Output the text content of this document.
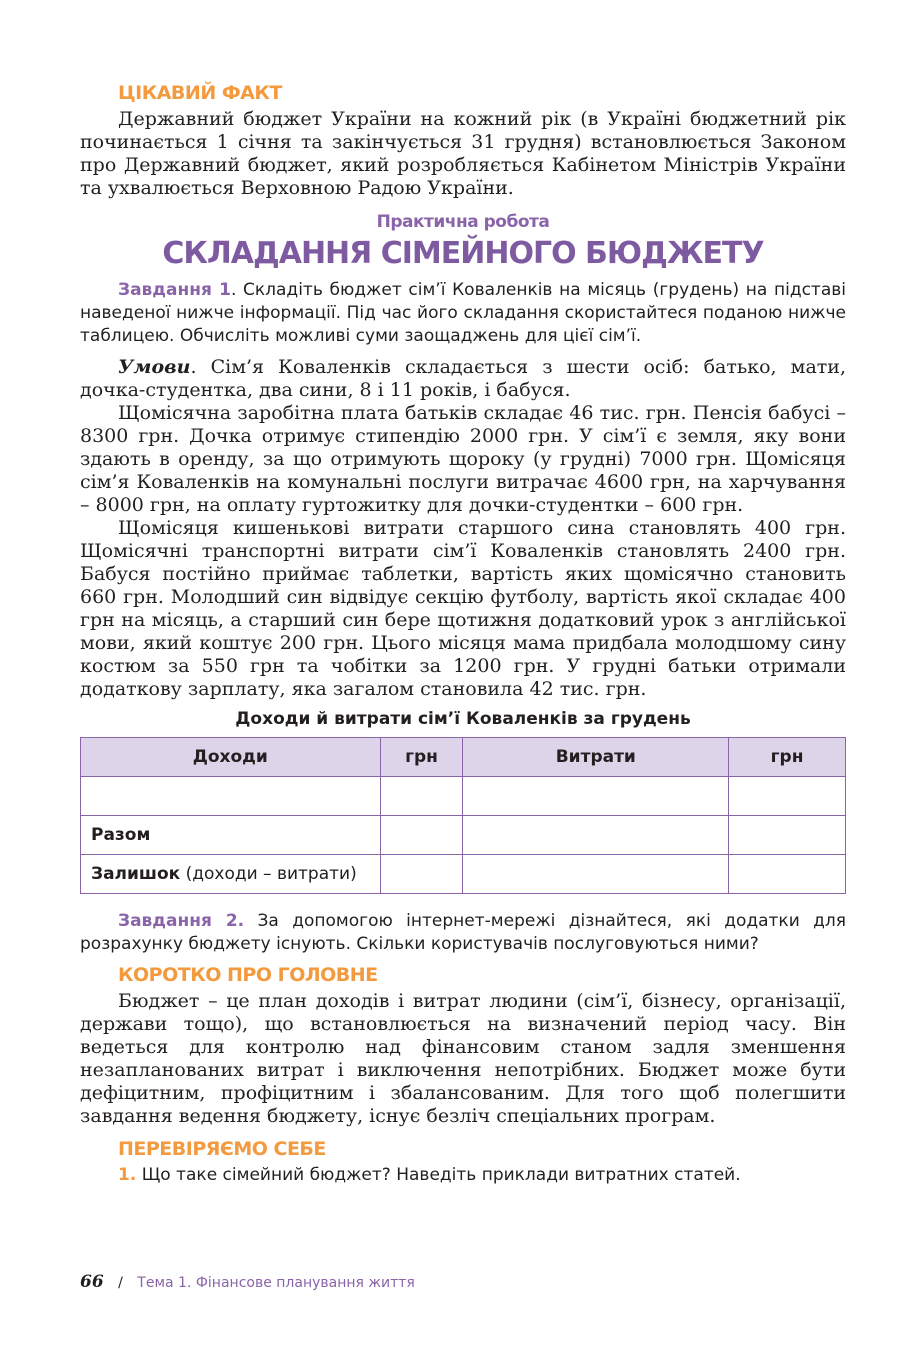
ЦІКАВИЙ ФАКТ

Державний бюджет України на кожний рік (в Україні бюджетний рік починається 1 січня та закінчується 31 грудня) встановлюється Законом про Державний бюджет, який розробляється Кабінетом Міністрів України та ухвалюється Верховною Радою України.

Практична робота
СКЛАДАННЯ СІМЕЙНОГО БЮДЖЕТУ

Завдання 1. Складіть бюджет сім’ї Коваленків на місяць (грудень) на підставі наведеної нижче інформації. Під час його складання скористайтеся поданою нижче таблицею. Обчисліть можливі суми заощаджень для цієї сім’ї.

Умови. Сім’я Коваленків складається з шести осіб: батько, мати, дочка-студентка, два сини, 8 і 11 років, і бабуся.

Щомісячна заробітна плата батьків складає 46 тис. грн. Пенсія бабусі – 8300 грн. Дочка отримує стипендію 2000 грн. У сім’ї є земля, яку вони здають в оренду, за що отримують щороку (у грудні) 7000 грн. Щомісяця сім’я Коваленків на комунальні послуги витрачає 4600 грн, на харчування – 8000 грн, на оплату гуртожитку для дочки-студентки – 600 грн.

Щомісяця кишенькові витрати старшого сина становлять 400 грн. Щомісячні транспортні витрати сім’ї Коваленків становлять 2400 грн. Бабуся постійно приймає таблетки, вартість яких щомісячно становить 660 грн. Молодший син відвідує секцію футболу, вартість якої складає 400 грн на місяць, а старший син бере щотижня додатковий урок з англійської мови, який коштує 200 грн. Цього місяця мама придбала молодшому сину костюм за 550 грн та чобітки за 1200 грн. У грудні батьки отримали додаткову зарплату, яка загалом становила 42 тис. грн.

Доходи й витрати сім’ї Коваленків за грудень
Доходи	грн	Витрати	грн

Разом			
Залишок (доходи – витрати)			

Завдання 2. За допомогою інтернет-мережі дізнайтеся, які додатки для розрахунку бюджету існують. Скільки користувачів послуговуються ними?

КОРОТКО ПРО ГОЛОВНЕ

Бюджет – це план доходів і витрат людини (сім’ї, бізнесу, організації, держави тощо), що встановлюється на визначений період часу. Він ведеться для контролю над фінансовим станом задля зменшення незапланованих витрат і виключення непотрібних. Бюджет може бути дефіцитним, профіцитним і збалансованим. Для того щоб полегшити завдання ведення бюджету, існує безліч спеціальних програм.

ПЕРЕВІРЯЄМО СЕБЕ

1. Що таке сімейний бюджет? Наведіть приклади витратних статей.

66 / Тема 1. Фінансове планування життя
